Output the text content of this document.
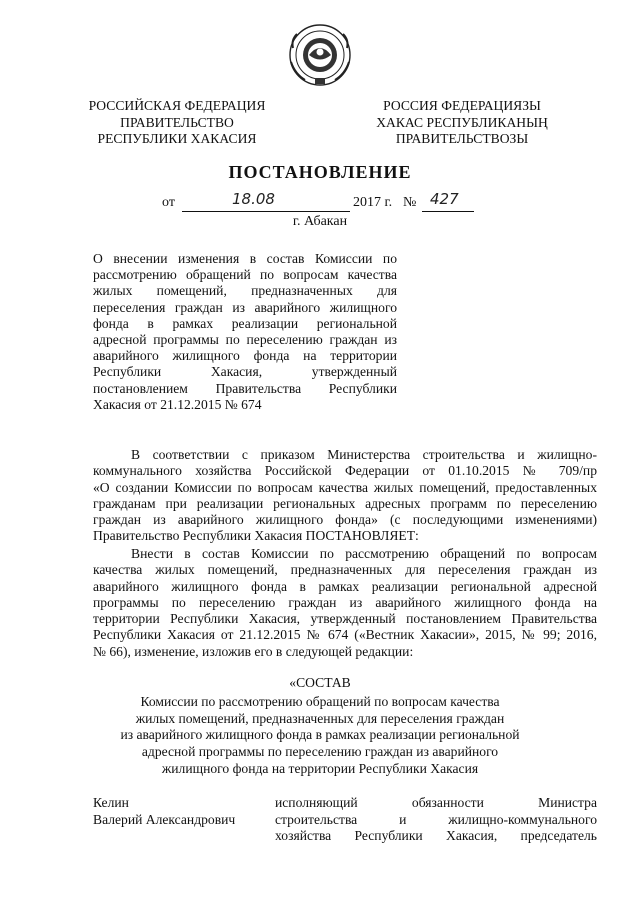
РОССИЙСКАЯ ФЕДЕРАЦИЯ
ПРАВИТЕЛЬСТВО
РЕСПУБЛИКИ ХАКАСИЯ
РОССИЯ ФЕДЕРАЦИЯЗЫ
ХАКАС РЕСПУБЛИКАНЫҢ
ПРАВИТЕЛЬСТВОЗЫ
ПОСТАНОВЛЕНИЕ
от	18.08	2017 г. № 427
г. Абакан
О внесении изменения в состав Комиссии по
рассмотрению обращений по вопросам качества
жилых помещений, предназначенных для
переселения граждан из аварийного жилищного
фонда в рамках реализации региональной
адресной программы по переселению граждан из
аварийного жилищного фонда на территории
Республики Хакасия, утвержденный
постановлением Правительства Республики
Хакасия от 21.12.2015 № 674
В соответствии с приказом Министерства строительства и жилищно-
коммунального хозяйства Российской Федерации от 01.10.2015 № 709/пр
«О создании Комиссии по вопросам качества жилых помещений, предоставленных
гражданам при реализации региональных адресных программ по переселению
граждан из аварийного жилищного фонда» (с последующими изменениями)
Правительство Республики Хакасия ПОСТАНОВЛЯЕТ:
Внести в состав Комиссии по рассмотрению обращений по вопросам
качества жилых помещений, предназначенных для переселения граждан из
аварийного жилищного фонда в рамках реализации региональной адресной
программы по переселению граждан из аварийного жилищного фонда на
территории Республики Хакасия, утвержденный постановлением Правительства
Республики Хакасия от 21.12.2015 № 674 («Вестник Хакасии», 2015, № 99; 2016,
№ 66), изменение, изложив его в следующей редакции:
«СОСТАВ
Комиссии по рассмотрению обращений по вопросам качества
жилых помещений, предназначенных для переселения граждан
из аварийного жилищного фонда в рамках реализации региональной
адресной программы по переселению граждан из аварийного
жилищного фонда на территории Республики Хакасия
Келин
Валерий Александрович
исполняющий обязанности Министра
строительства и жилищно-коммунального
хозяйства Республики Хакасия, председатель
